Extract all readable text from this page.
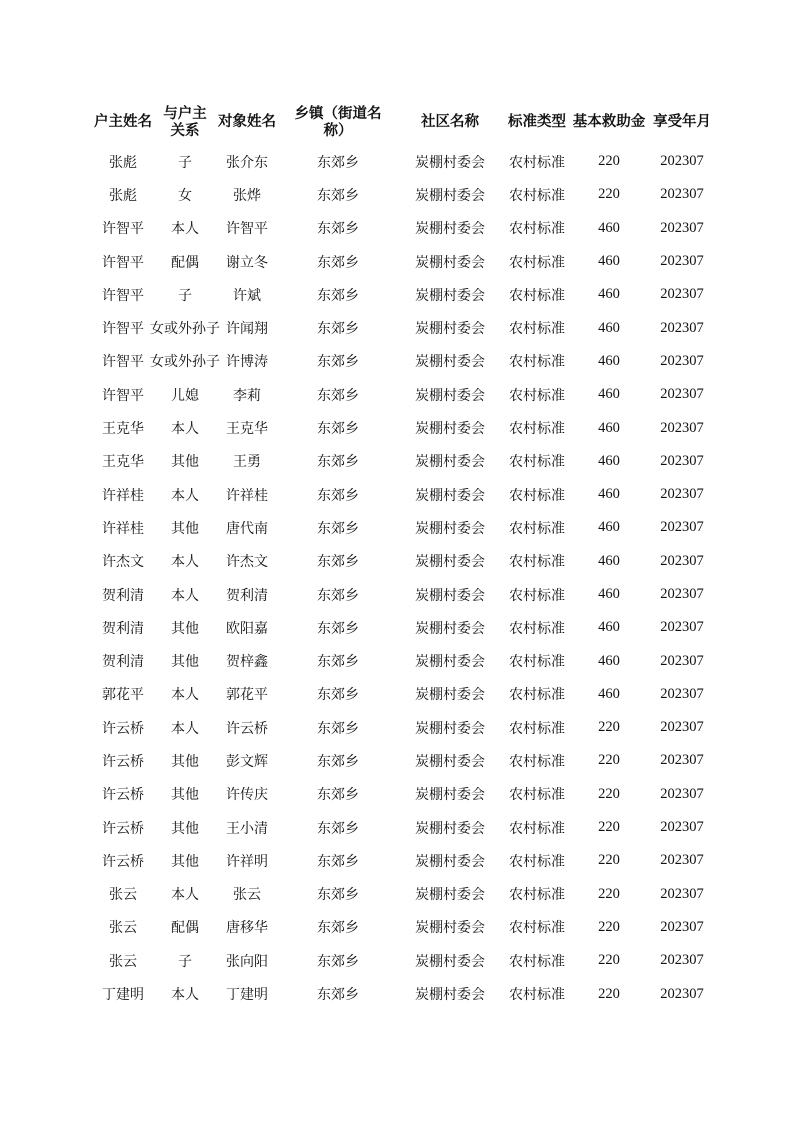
户主姓名	与户主关系	对象姓名	乡镇（街道名称）	社区名称	标准类型	基本救助金	享受年月

张彪	子	张介东	东郊乡	炭棚村委会	农村标准	220	202307

张彪	女	张烨	东郊乡	炭棚村委会	农村标准	220	202307

许智平	本人	许智平	东郊乡	炭棚村委会	农村标准	460	202307

许智平	配偶	谢立冬	东郊乡	炭棚村委会	农村标准	460	202307

许智平	子	许斌	东郊乡	炭棚村委会	农村标准	460	202307

许智平	女或外孙子	许闻翔	东郊乡	炭棚村委会	农村标准	460	202307

许智平	女或外孙子	许博涛	东郊乡	炭棚村委会	农村标准	460	202307

许智平	儿媳	李莉	东郊乡	炭棚村委会	农村标准	460	202307

王克华	本人	王克华	东郊乡	炭棚村委会	农村标准	460	202307

王克华	其他	王勇	东郊乡	炭棚村委会	农村标准	460	202307

许祥桂	本人	许祥桂	东郊乡	炭棚村委会	农村标准	460	202307

许祥桂	其他	唐代南	东郊乡	炭棚村委会	农村标准	460	202307

许杰文	本人	许杰文	东郊乡	炭棚村委会	农村标准	460	202307

贺利清	本人	贺利清	东郊乡	炭棚村委会	农村标准	460	202307

贺利清	其他	欧阳嘉	东郊乡	炭棚村委会	农村标准	460	202307

贺利清	其他	贺梓鑫	东郊乡	炭棚村委会	农村标准	460	202307

郭花平	本人	郭花平	东郊乡	炭棚村委会	农村标准	460	202307

许云桥	本人	许云桥	东郊乡	炭棚村委会	农村标准	220	202307

许云桥	其他	彭文辉	东郊乡	炭棚村委会	农村标准	220	202307

许云桥	其他	许传庆	东郊乡	炭棚村委会	农村标准	220	202307

许云桥	其他	王小清	东郊乡	炭棚村委会	农村标准	220	202307

许云桥	其他	许祥明	东郊乡	炭棚村委会	农村标准	220	202307

张云	本人	张云	东郊乡	炭棚村委会	农村标准	220	202307

张云	配偶	唐移华	东郊乡	炭棚村委会	农村标准	220	202307

张云	子	张向阳	东郊乡	炭棚村委会	农村标准	220	202307

丁建明	本人	丁建明	东郊乡	炭棚村委会	农村标准	220	202307
